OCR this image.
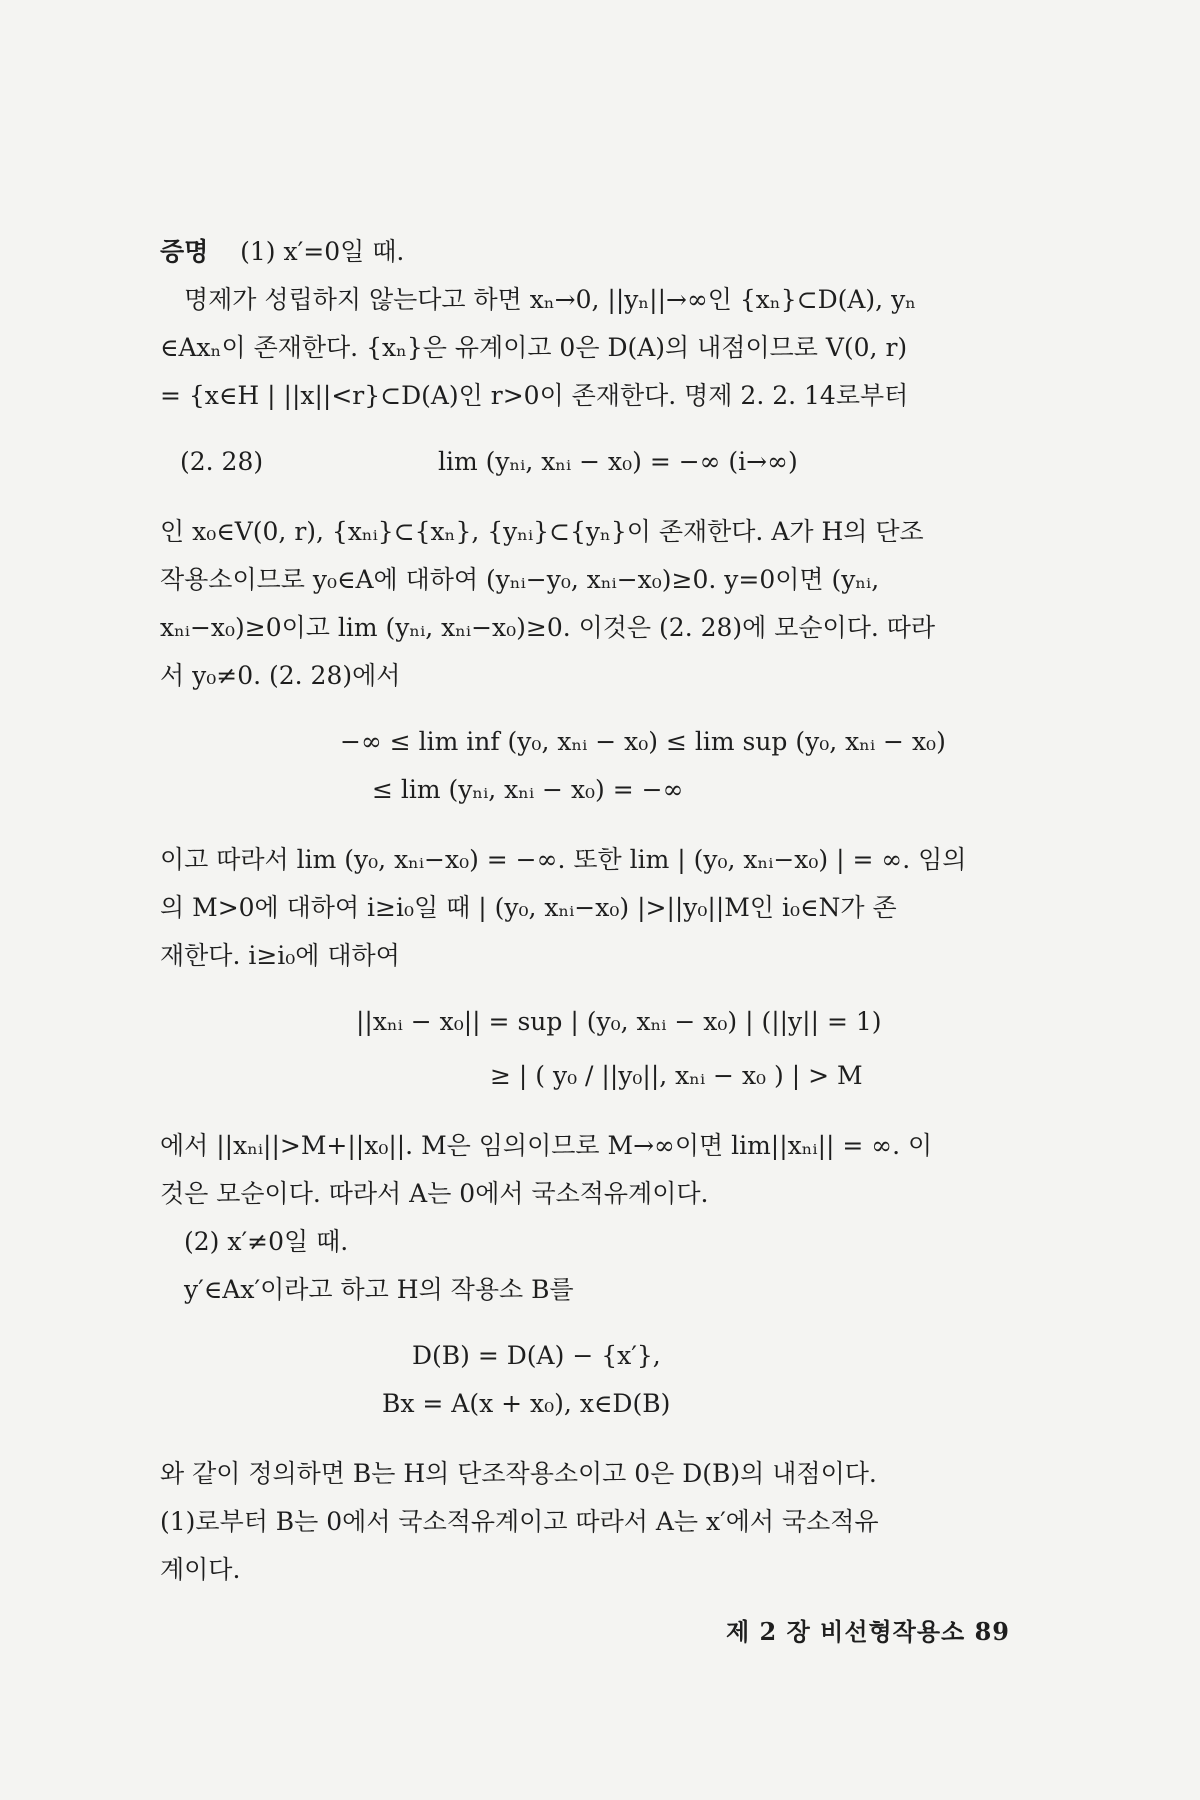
증명 (1) x′=0일 때.
명제가 성립하지 않는다고 하면 xₙ→0, ||yₙ||→∞인 {xₙ}⊂D(A), yₙ
∈Axₙ이 존재한다. {xₙ}은 유계이고 0은 D(A)의 내점이므로 V(0, r)
= {x∈H | ||x||<r}⊂D(A)인 r>0이 존재한다. 명제 2. 2. 14로부터
(2. 28)	lim (yₙᵢ, xₙᵢ − x₀) = −∞ (i→∞)
인 x₀∈V(0, r), {xₙᵢ}⊂{xₙ}, {yₙᵢ}⊂{yₙ}이 존재한다. A가 H의 단조
작용소이므로 y₀∈A에 대하여 (yₙᵢ−y₀, xₙᵢ−x₀)≥0. y=0이면 (yₙᵢ,
xₙᵢ−x₀)≥0이고 lim (yₙᵢ, xₙᵢ−x₀)≥0. 이것은 (2. 28)에 모순이다. 따라
서 y₀≠0. (2. 28)에서
−∞ ≤ lim inf (y₀, xₙᵢ − x₀) ≤ lim sup (y₀, xₙᵢ − x₀)
≤ lim (yₙᵢ, xₙᵢ − x₀) = −∞
이고 따라서 lim (y₀, xₙᵢ−x₀) = −∞. 또한 lim | (y₀, xₙᵢ−x₀) | = ∞. 임의
의 M>0에 대하여 i≥i₀일 때 | (y₀, xₙᵢ−x₀) |>||y₀||M인 i₀∈N가 존
재한다. i≥i₀에 대하여
||xₙᵢ − x₀|| = sup | (y₀, xₙᵢ − x₀) | (||y|| = 1)
≥ | ( y₀ / ||y₀||, xₙᵢ − x₀ ) | > M
에서 ||xₙᵢ||>M+||x₀||. M은 임의이므로 M→∞이면 lim||xₙᵢ|| = ∞. 이
것은 모순이다. 따라서 A는 0에서 국소적유계이다.
(2) x′≠0일 때.
y′∈Ax′이라고 하고 H의 작용소 B를
D(B) = D(A) − {x′},
Bx = A(x + x₀), x∈D(B)
와 같이 정의하면 B는 H의 단조작용소이고 0은 D(B)의 내점이다.
(1)로부터 B는 0에서 국소적유계이고 따라서 A는 x′에서 국소적유
계이다.
제 2 장 비선형작용소 89
